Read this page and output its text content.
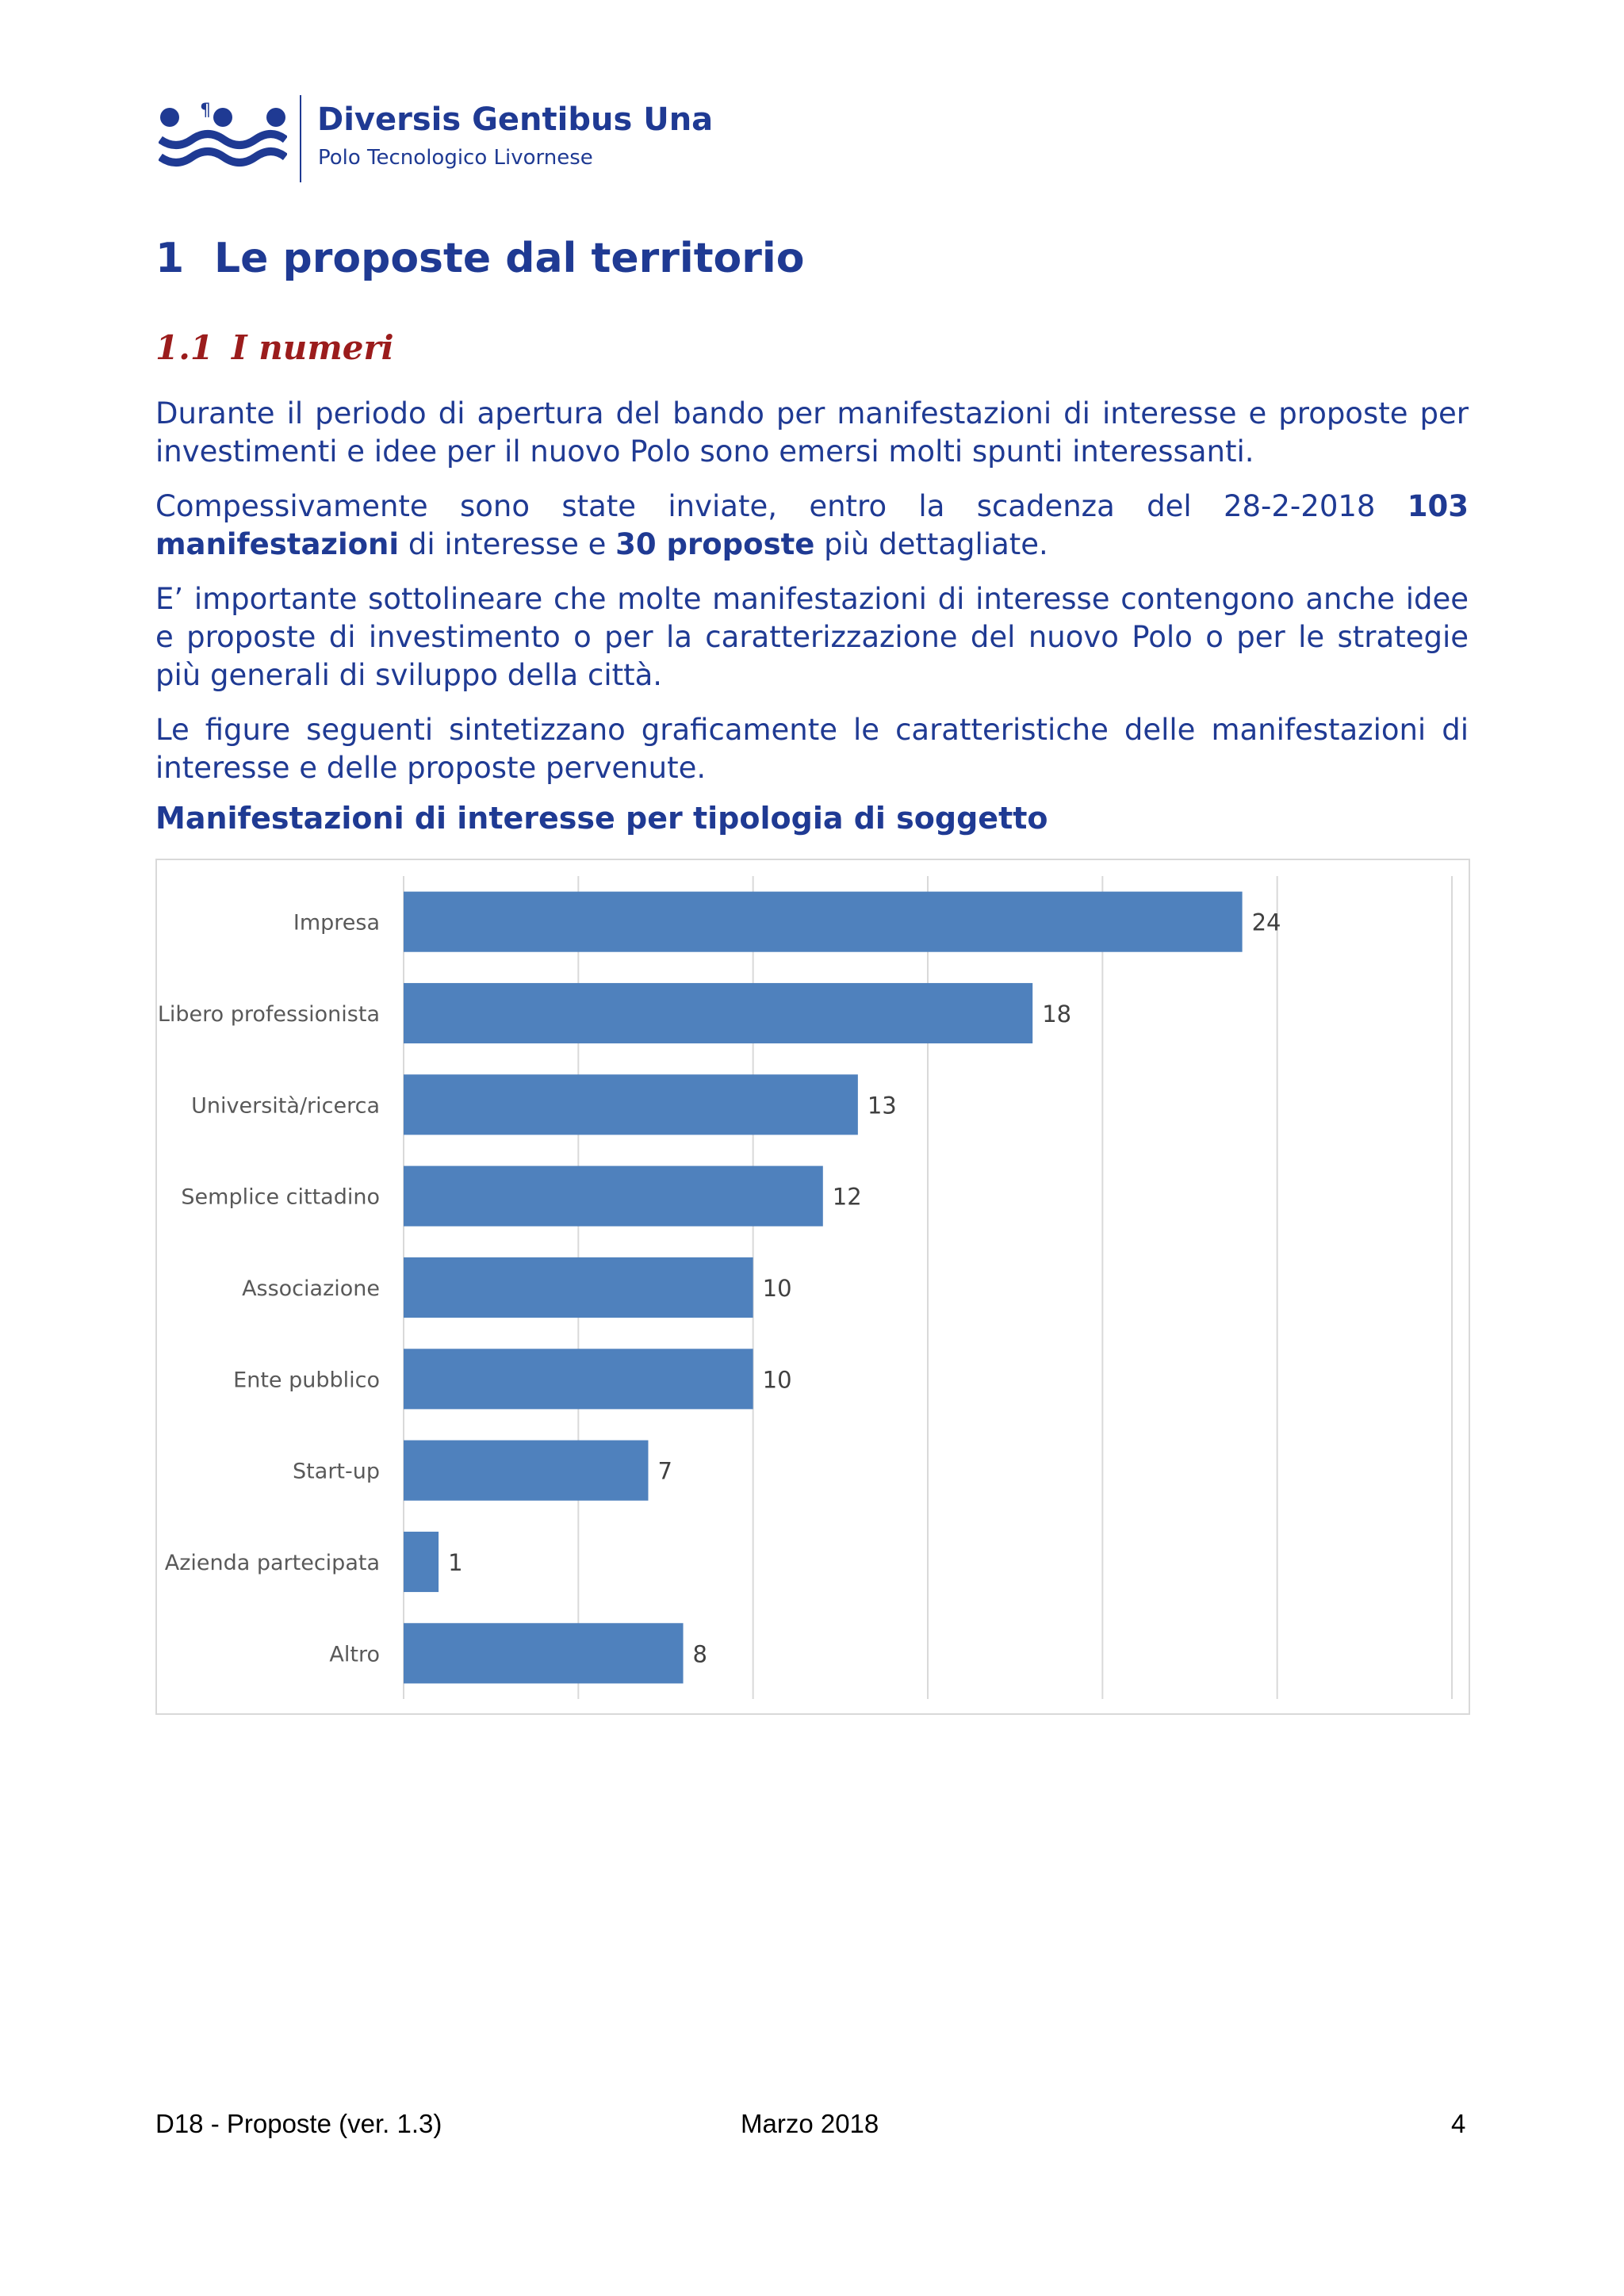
¶	Diversis Gentibus Una
Polo Tecnologico Livornese
1 Le proposte dal territorio
1.1 I numeri
Durante il periodo di apertura del bando per manifestazioni di interesse e proposte per investimenti e idee per il nuovo Polo sono emersi molti spunti interessanti.
Compessivamente sono state inviate, entro la scadenza del 28-2-2018 103 manifestazioni di interesse e 30 proposte più dettagliate.
E’ importante sottolineare che molte manifestazioni di interesse contengono anche idee e proposte di investimento o per la caratterizzazione del nuovo Polo o per le strategie più generali di sviluppo della città.
Le figure seguenti sintetizzano graficamente le caratteristiche delle manifestazioni di interesse e delle proposte pervenute.
Manifestazioni di interesse per tipologia di soggetto
Impresa	24
Libero professionista	18
Università/ricerca	13
Semplice cittadino	12
Associazione	10
Ente pubblico	10
Start-up	7
Azienda partecipata	1
Altro	8
D18 - Proposte (ver. 1.3)	Marzo 2018	4
